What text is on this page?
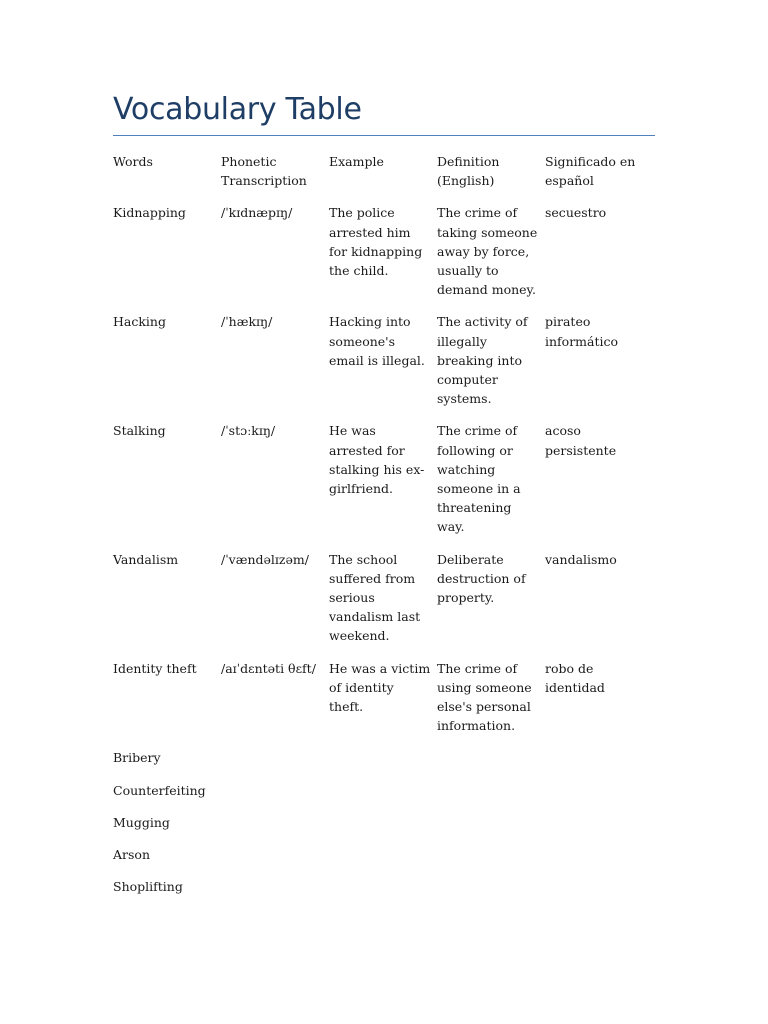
Vocabulary Table
Words	Phonetic Transcription	Example	Definition (English)	Significado en español
Kidnapping	/ˈkɪdnæpɪŋ/	The police arrested him for kidnapping the child.	The crime of taking someone away by force, usually to demand money.	secuestro
Hacking	/ˈhækɪŋ/	Hacking into someone's email is illegal.	The activity of illegally breaking into computer systems.	pirateo informático
Stalking	/ˈstɔːkɪŋ/	He was arrested for stalking his ex-girlfriend.	The crime of following or watching someone in a threatening way.	acoso persistente
Vandalism	/ˈvændəlɪzəm/	The school suffered from serious vandalism last weekend.	Deliberate destruction of property.	vandalismo
Identity theft	/aɪˈdɛntəti θɛft/	He was a victim of identity theft.	The crime of using someone else's personal information.	robo de identidad
Bribery				
Counterfeiting				
Mugging				
Arson				
Shoplifting				
